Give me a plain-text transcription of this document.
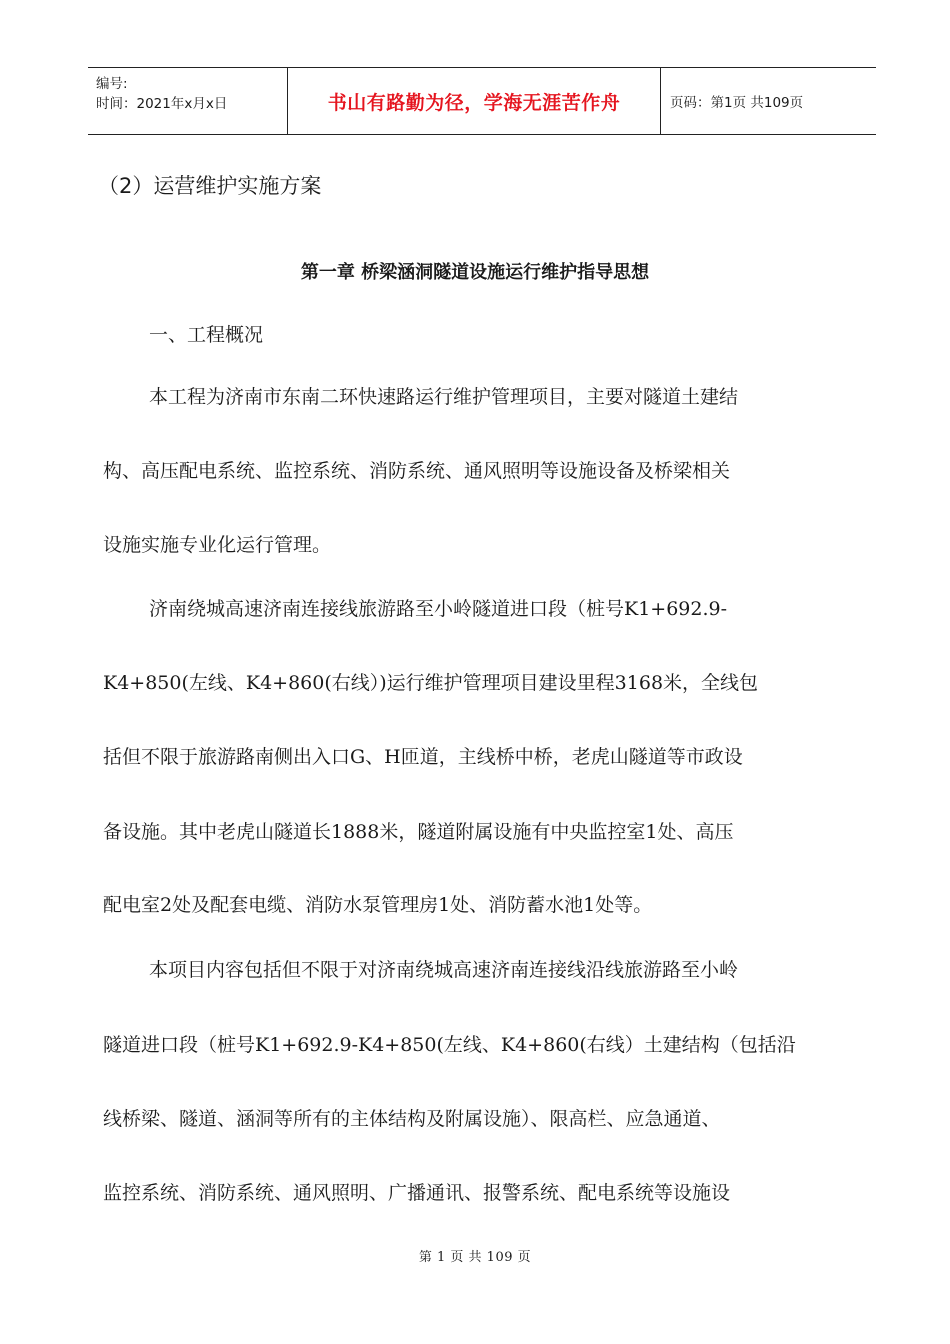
编号:
时间：2021年x月x日	书山有路勤为径，学海无涯苦作舟	页码：第1页 共109页
（2）运营维护实施方案
第一章 桥梁涵洞隧道设施运行维护指导思想

一、工程概况

本工程为济南市东南二环快速路运行维护管理项目，主要对隧道土建结

构、高压配电系统、监控系统、消防系统、通风照明等设施设备及桥梁相关

设施实施专业化运行管理。

济南绕城高速济南连接线旅游路至小岭隧道进口段（桩号K1+692.9-

K4+850(左线、K4+860(右线）)运行维护管理项目建设里程3168米，全线包

括但不限于旅游路南侧出入口G、H匝道，主线桥中桥，老虎山隧道等市政设

备设施。其中老虎山隧道长1888米，隧道附属设施有中央监控室1处、高压

配电室2处及配套电缆、消防水泵管理房1处、消防蓄水池1处等。

本项目内容包括但不限于对济南绕城高速济南连接线沿线旅游路至小岭

隧道进口段（桩号K1+692.9-K4+850(左线、K4+860(右线）土建结构（包括沿

线桥梁、隧道、涵洞等所有的主体结构及附属设施）、限高栏、应急通道、

监控系统、消防系统、通风照明、广播通讯、报警系统、配电系统等设施设

第 1 页 共 109 页
